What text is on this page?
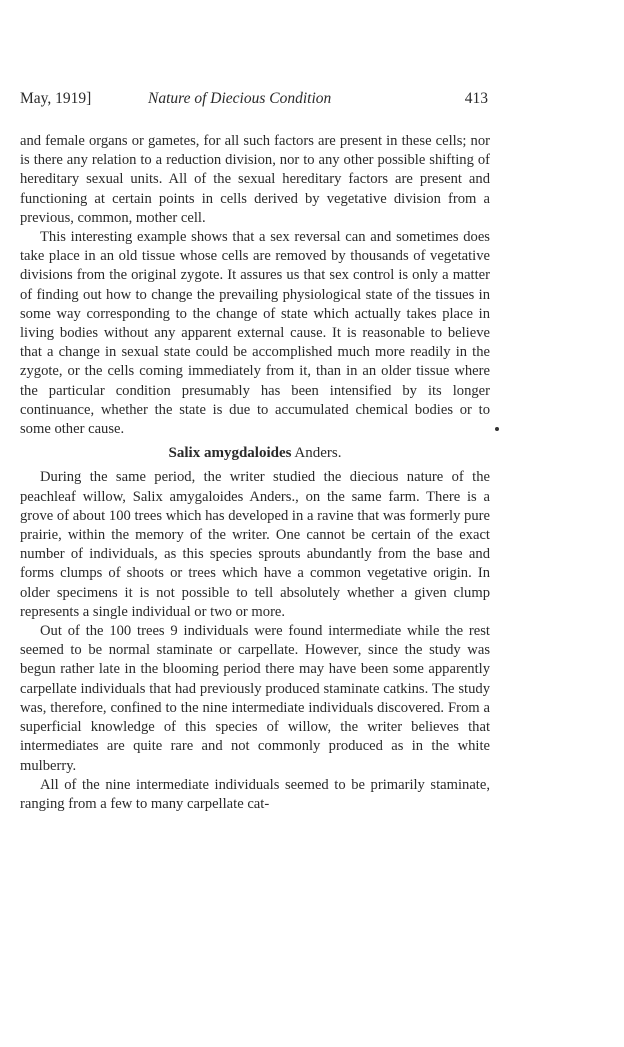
May, 1919]	Nature of Diecious Condition	413

and female organs or gametes, for all such factors are present in these cells; nor is there any relation to a reduction division, nor to any other possible shifting of hereditary sexual units. All of the sexual hereditary factors are present and functioning at certain points in cells derived by vegetative division from a previous, common, mother cell.

This interesting example shows that a sex reversal can and sometimes does take place in an old tissue whose cells are removed by thousands of vegetative divisions from the original zygote. It assures us that sex control is only a matter of finding out how to change the prevailing physiological state of the tissues in some way corresponding to the change of state which actually takes place in living bodies without any apparent external cause. It is reasonable to believe that a change in sexual state could be accomplished much more readily in the zygote, or the cells coming immediately from it, than in an older tissue where the particular condition presumably has been intensified by its longer continuance, whether the state is due to accumulated chemical bodies or to some other cause.

Salix amygdaloides Anders.

During the same period, the writer studied the diecious nature of the peachleaf willow, Salix amygaloides Anders., on the same farm. There is a grove of about 100 trees which has developed in a ravine that was formerly pure prairie, within the memory of the writer. One cannot be certain of the exact number of individuals, as this species sprouts abundantly from the base and forms clumps of shoots or trees which have a common vegetative origin. In older specimens it is not possible to tell absolutely whether a given clump represents a single individual or two or more.

Out of the 100 trees 9 individuals were found intermediate while the rest seemed to be normal staminate or carpellate. However, since the study was begun rather late in the blooming period there may have been some apparently carpellate individuals that had previously produced staminate catkins. The study was, therefore, confined to the nine intermediate individuals discovered. From a superficial knowledge of this species of willow, the writer believes that intermediates are quite rare and not commonly produced as in the white mulberry.

All of the nine intermediate individuals seemed to be primarily staminate, ranging from a few to many carpellate cat-
